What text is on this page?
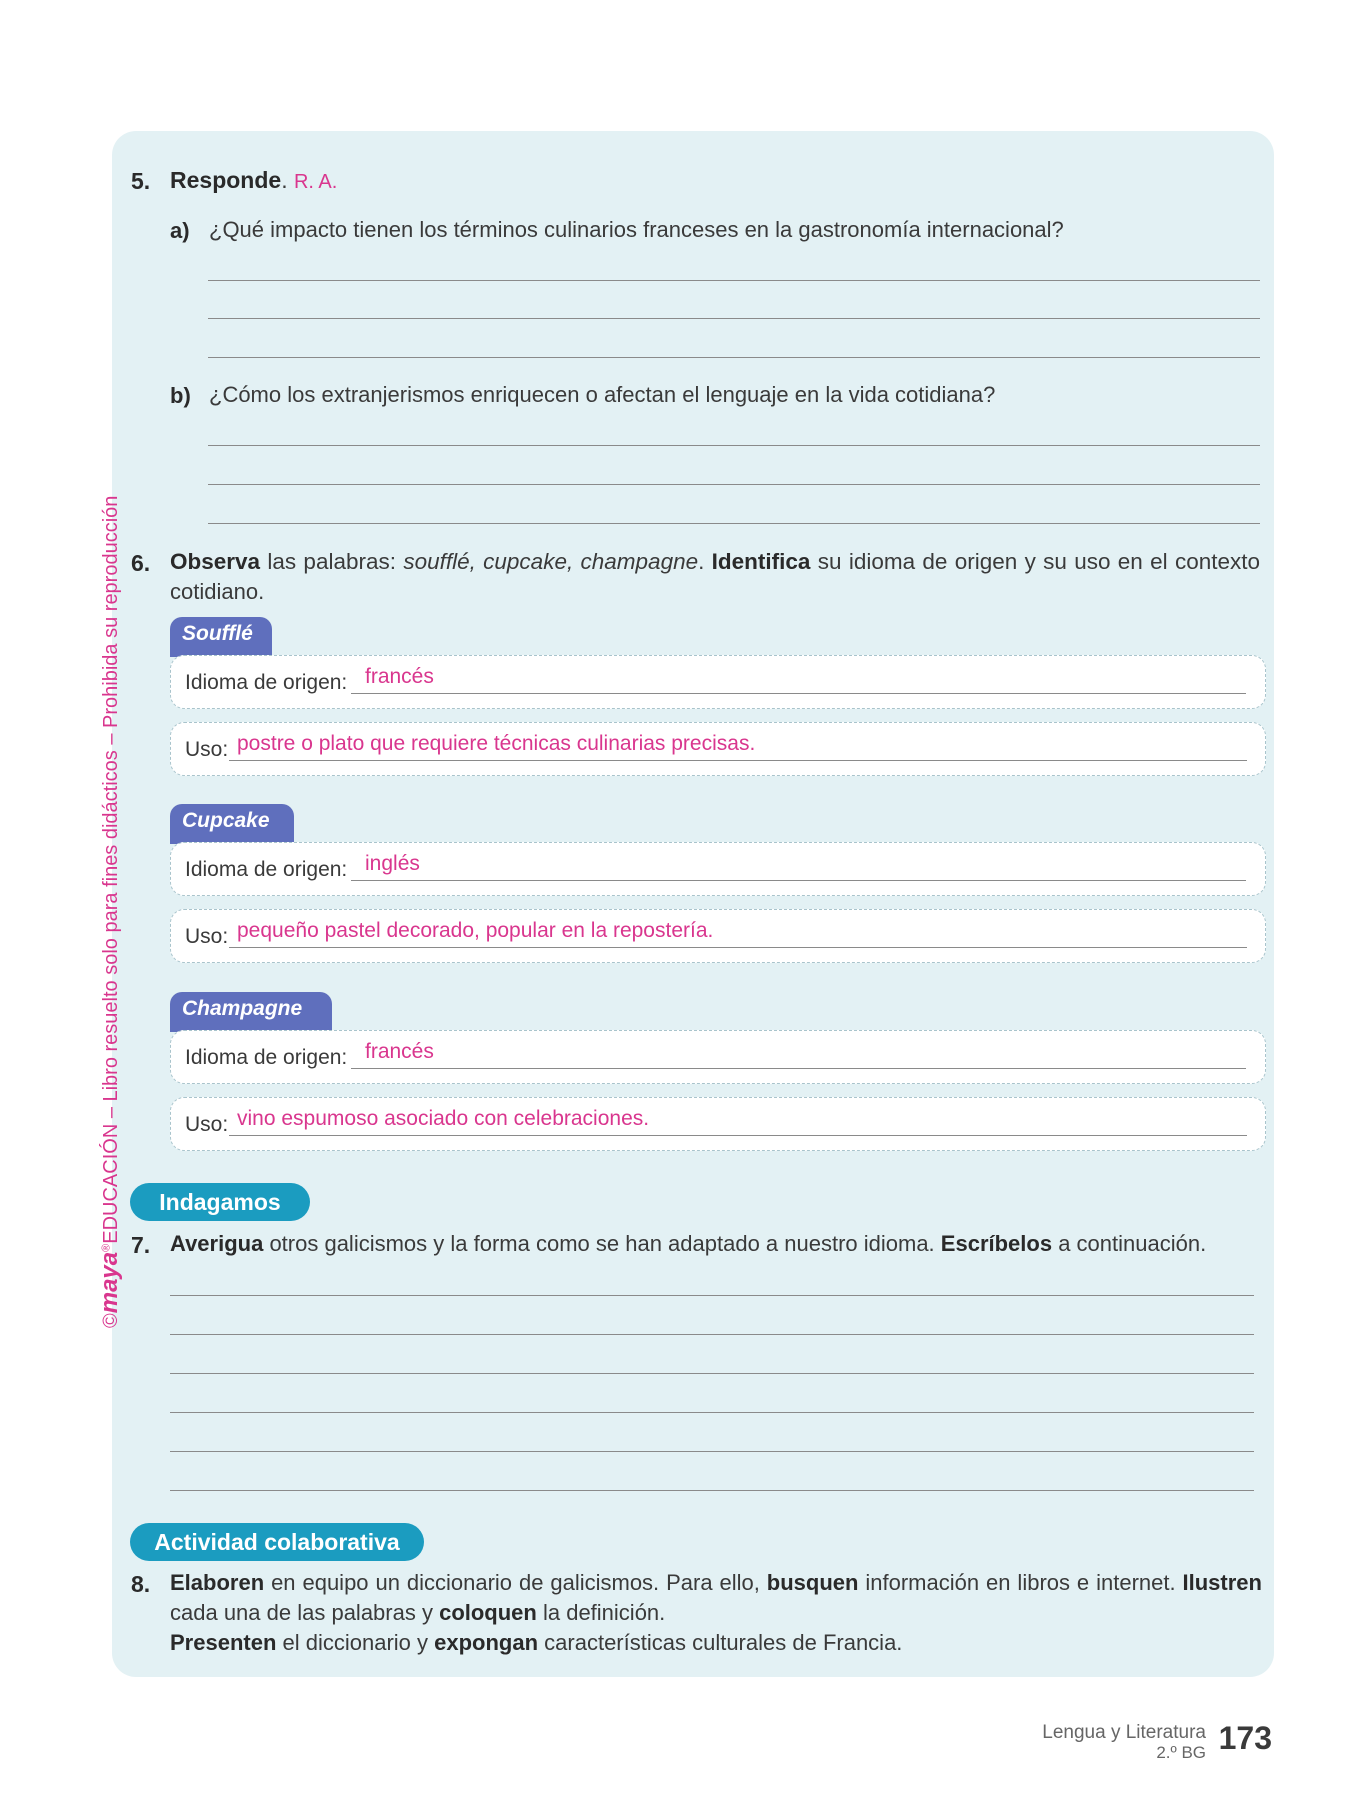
©maya®EDUCACIÓN – Libro resuelto solo para fines didácticos – Prohibida su reproducción
5. Responde. R. A.
a) ¿Qué impacto tienen los términos culinarios franceses en la gastronomía internacional?
b) ¿Cómo los extranjerismos enriquecen o afectan el lenguaje en la vida cotidiana?
6. Observa las palabras: soufflé, cupcake, champagne. Identifica su idioma de origen y su uso en el contexto
cotidiano.
Soufflé
Idioma de origen: francés
Uso: postre o plato que requiere técnicas culinarias precisas.
Cupcake
Idioma de origen: inglés
Uso: pequeño pastel decorado, popular en la repostería.
Champagne
Idioma de origen: francés
Uso: vino espumoso asociado con celebraciones.
Indagamos
7. Averigua otros galicismos y la forma como se han adaptado a nuestro idioma. Escríbelos a continuación.
Actividad colaborativa
8. Elaboren en equipo un diccionario de galicismos. Para ello, busquen información en libros e internet. Ilustren
cada una de las palabras y coloquen la definición.
Presenten el diccionario y expongan características culturales de Francia.
Lengua y Literatura
2.º BG 173
